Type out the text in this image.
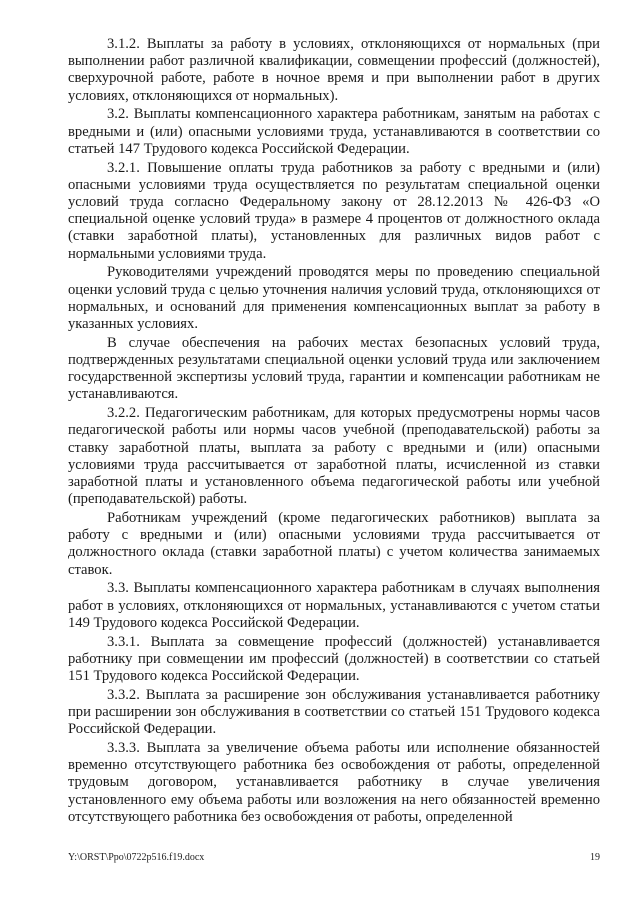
3.1.2. Выплаты за работу в условиях, отклоняющихся от нормальных (при выполнении работ различной квалификации, совмещении профессий (должностей), сверхурочной работе, работе в ночное время и при выполнении работ в других условиях, отклоняющихся от нормальных).

3.2. Выплаты компенсационного характера работникам, занятым на работах с вредными и (или) опасными условиями труда, устанавливаются в соответствии со статьей 147 Трудового кодекса Российской Федерации.

3.2.1. Повышение оплаты труда работников за работу с вредными и (или) опасными условиями труда осуществляется по результатам специальной оценки условий труда согласно Федеральному закону от 28.12.2013 № 426-ФЗ «О специальной оценке условий труда» в размере 4 процентов от должностного оклада (ставки заработной платы), установленных для различных видов работ с нормальными условиями труда.

Руководителями учреждений проводятся меры по проведению специальной оценки условий труда с целью уточнения наличия условий труда, отклоняющихся от нормальных, и оснований для применения компенсационных выплат за работу в указанных условиях.

В случае обеспечения на рабочих местах безопасных условий труда, подтвержденных результатами специальной оценки условий труда или заключением государственной экспертизы условий труда, гарантии и компенсации работникам не устанавливаются.

3.2.2. Педагогическим работникам, для которых предусмотрены нормы часов педагогической работы или нормы часов учебной (преподавательской) работы за ставку заработной платы, выплата за работу с вредными и (или) опасными условиями труда рассчитывается от заработной платы, исчисленной из ставки заработной платы и установленного объема педагогической работы или учебной (преподавательской) работы.

Работникам учреждений (кроме педагогических работников) выплата за работу с вредными и (или) опасными условиями труда рассчитывается от должностного оклада (ставки заработной платы) с учетом количества занимаемых ставок.

3.3. Выплаты компенсационного характера работникам в случаях выполнения работ в условиях, отклоняющихся от нормальных, устанавливаются с учетом статьи 149 Трудового кодекса Российской Федерации.

3.3.1. Выплата за совмещение профессий (должностей) устанавливается работнику при совмещении им профессий (должностей) в соответствии со статьей 151 Трудового кодекса Российской Федерации.

3.3.2. Выплата за расширение зон обслуживания устанавливается работнику при расширении зон обслуживания в соответствии со статьей 151 Трудового кодекса Российской Федерации.

3.3.3. Выплата за увеличение объема работы или исполнение обязанностей временно отсутствующего работника без освобождения от работы, определенной трудовым договором, устанавливается работнику в случае увеличения установленного ему объема работы или возложения на него обязанностей временно отсутствующего работника без освобождения от работы, определенной

Y:\ORST\Ppo\0722p516.f19.docx	19
